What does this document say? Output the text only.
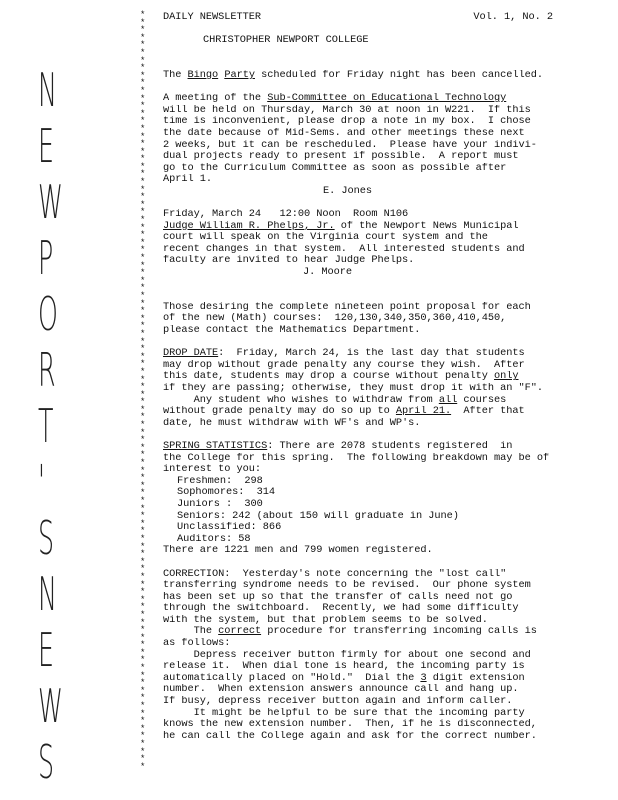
N
E
W
P
O
R
T
'
S
N
E
W
S
*
*
*
*
*
*
*
*
*
*
*
*
*
*
*
*
*
*
*
*
*
*
*
*
*
*
*
*
*
*
*
*
*
*
*
*
*
*
*
*
*
*
*
*
*
*
*
*
*
*
*
*
*
*
*
*
*
*
*
*
*
*
*
*
*
*
*
*
*
*
*
*
*
*
*
*
*
*
*
*
*
*
*
*
*
*
*
*
*
*
*
*
*
*
*
*
*
*
*
*
DAILY NEWSLETTER	Vol. 1, No. 2
CHRISTOPHER NEWPORT COLLEGE
The Bingo Party scheduled for Friday night has been cancelled.
A meeting of the Sub-Committee on Educational Technology
will be held on Thursday, March 30 at noon in W221.  If this
time is inconvenient, please drop a note in my box.  I chose
the date because of Mid-Sems. and other meetings these next
2 weeks, but it can be rescheduled.  Please have your indivi-
dual projects ready to present if possible.  A report must
go to the Curriculum Committee as soon as possible after
April 1.
E. Jones
Friday, March 24   12:00 Noon  Room N106
Judge William R. Phelps, Jr. of the Newport News Municipal
court will speak on the Virginia court system and the
recent changes in that system.  All interested students and
faculty are invited to hear Judge Phelps.
J. Moore
Those desiring the complete nineteen point proposal for each
of the new (Math) courses:  120,130,340,350,360,410,450,
please contact the Mathematics Department.
DROP DATE:  Friday, March 24, is the last day that students
may drop without grade penalty any course they wish.  After
this date, students may drop a course without penalty only
if they are passing; otherwise, they must drop it with an "F".
Any student who wishes to withdraw from all courses
without grade penalty may do so up to April 21.  After that
date, he must withdraw with WF's and WP's.
SPRING STATISTICS: There are 2078 students registered  in
the College for this spring.  The following breakdown may be of
interest to you:
Freshmen:  298
Sophomores:  314
Juniors :  300
Seniors: 242 (about 150 will graduate in June)
Unclassified: 866
Auditors: 58
There are 1221 men and 799 women registered.
CORRECTION:  Yesterday's note concerning the "lost call"
transferring syndrome needs to be revised.  Our phone system
has been set up so that the transfer of calls need not go
through the switchboard.  Recently, we had some difficulty
with the system, but that problem seems to be solved.
The correct procedure for transferring incoming calls is
as follows:
Depress receiver button firmly for about one second and
release it.  When dial tone is heard, the incoming party is
automatically placed on "Hold."  Dial the 3 digit extension
number.  When extension answers announce call and hang up.
If busy, depress receiver button again and inform caller.
It might be helpful to be sure that the incoming party
knows the new extension number.  Then, if he is disconnected,
he can call the College again and ask for the correct number.
